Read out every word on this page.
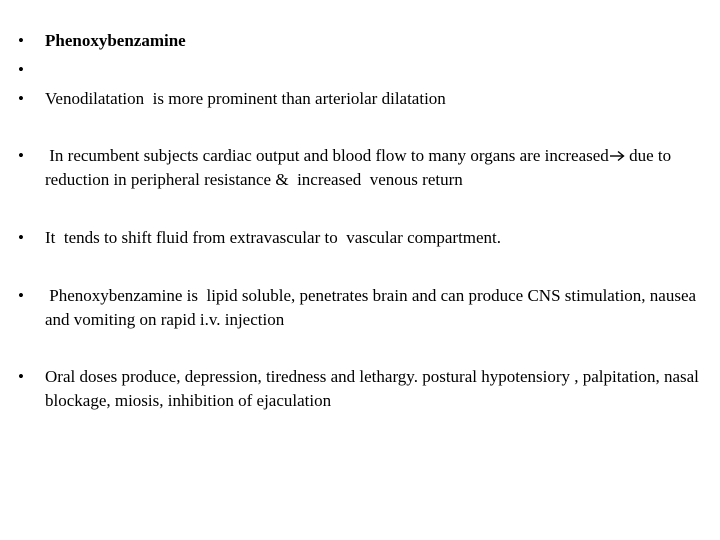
•	Phenoxybenzamine
•
•	Venodilatation  is more prominent than arteriolar dilatation
•	In recumbent subjects cardiac output and blood flow to many organs are increased due to reduction in peripheral resistance &  increased  venous return
•	It  tends to shift fluid from extravascular to  vascular compartment.
•	Phenoxybenzamine is  lipid soluble, penetrates brain and can produce CNS stimulation, nausea and vomiting on rapid i.v. injection
•	Oral doses produce, depression, tiredness and lethargy. postural hypotensiory , palpitation, nasal blockage, miosis, inhibition of ejaculation
